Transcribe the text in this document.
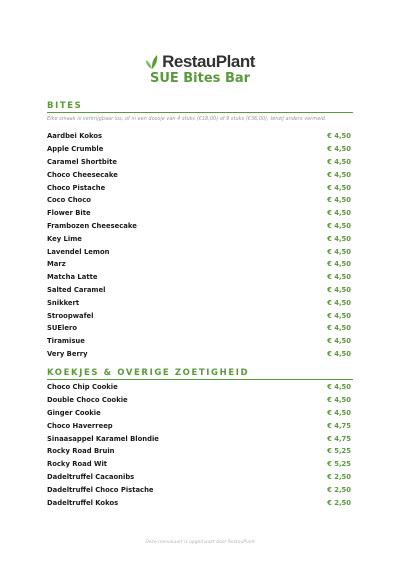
RestauPlant
SUE Bites Bar
BITES
Elke smaak is verkrijgbaar los, of in een doosje van 4 stuks (€18,00) of 9 stuks (€36,00), tenzij anders vermeld.
Aardbei Kokos	€ 4,50
Apple Crumble	€ 4,50
Caramel Shortbite	€ 4,50
Choco Cheesecake	€ 4,50
Choco Pistache	€ 4,50
Coco Choco	€ 4,50
Flower Bite	€ 4,50
Frambozen Cheesecake	€ 4,50
Key Lime	€ 4,50
Lavendel Lemon	€ 4,50
Marz	€ 4,50
Matcha Latte	€ 4,50
Salted Caramel	€ 4,50
Snikkert	€ 4,50
Stroopwafel	€ 4,50
SUElero	€ 4,50
Tiramisue	€ 4,50
Very Berry	€ 4,50
KOEKJES & OVERIGE ZOETIGHEID
Choco Chip Cookie	€ 4,50
Double Choco Cookie	€ 4,50
Ginger Cookie	€ 4,50
Choco Haverreep	€ 4,75
Sinaasappel Karamel Blondie	€ 4,75
Rocky Road Bruin	€ 5,25
Rocky Road Wit	€ 5,25
Dadeltruffel Cacaonibs	€ 2,50
Dadeltruffel Choco Pistache	€ 2,50
Dadeltruffel Kokos	€ 2,50
Deze menukaart is opgemaakt door RestauPlant
